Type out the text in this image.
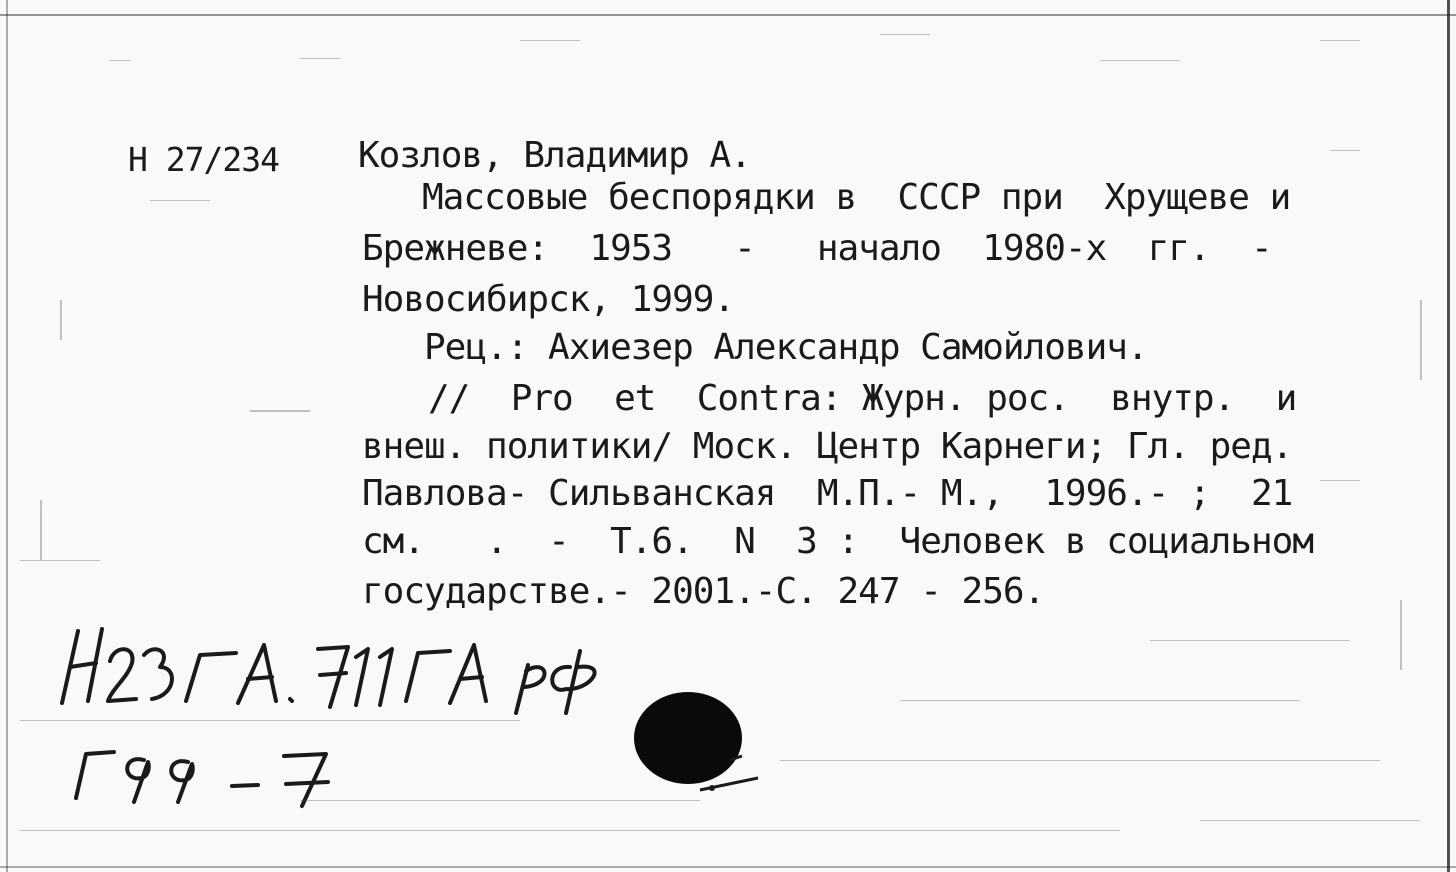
Н 27/234 Козлов, Владимир А.
Массовые беспорядки в  СССР при  Хрущеве и
Брежневе:  1953   -   начало  1980-х  гг.  -
Новосибирск, 1999.
Рец.: Ахиезер Александр Самойлович.
//  Pro  et  Contra: Журн. рос.  внутр.  и
внеш. политики/ Моск. Центр Карнеги; Гл. ред.
Павлова- Сильванская  М.П.- М.,  1996.- ;  21
см.   .  -  Т.6.  N  3 :  Человек в социальном
государстве.- 2001.-С. 247 - 256.
